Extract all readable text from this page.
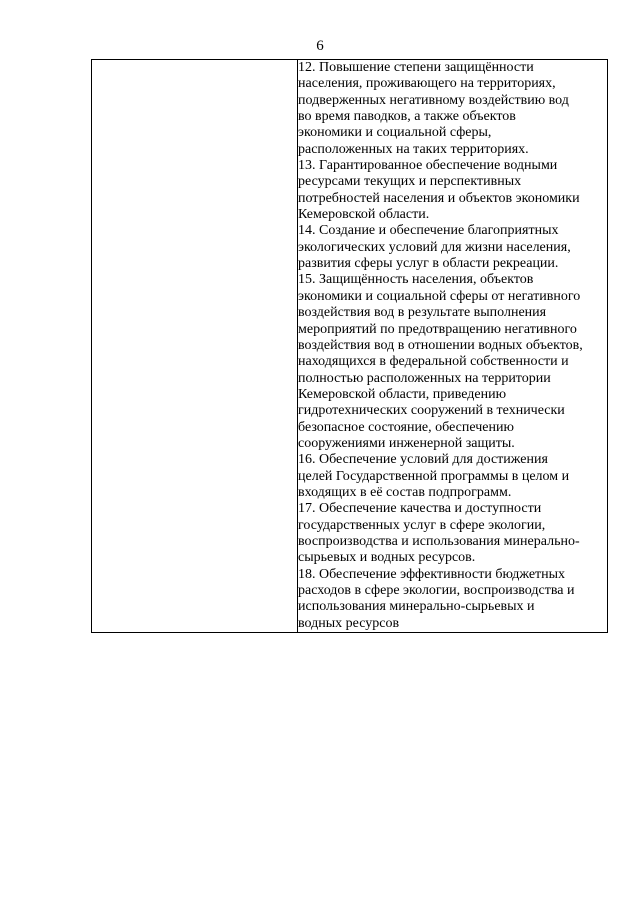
6

12. Повышение степени защищённости
населения, проживающего на территориях,
подверженных негативному воздействию вод
во время паводков, а также объектов
экономики и социальной сферы,
расположенных на таких территориях.
13. Гарантированное обеспечение водными
ресурсами текущих и перспективных
потребностей населения и объектов экономики
Кемеровской области.
14. Создание и обеспечение благоприятных
экологических условий для жизни населения,
развития сферы услуг в области рекреации.
15. Защищённость населения, объектов
экономики и социальной сферы от негативного
воздействия вод в результате выполнения
мероприятий по предотвращению негативного
воздействия вод в отношении водных объектов,
находящихся в федеральной собственности и
полностью расположенных на территории
Кемеровской области, приведению
гидротехнических сооружений в технически
безопасное состояние, обеспечению
сооружениями инженерной защиты.
16. Обеспечение условий для достижения
целей Государственной программы в целом и
входящих в её состав подпрограмм.
17. Обеспечение качества и доступности
государственных услуг в сфере экологии,
воспроизводства и использования минерально-
сырьевых и водных ресурсов.
18. Обеспечение эффективности бюджетных
расходов в сфере экологии, воспроизводства и
использования минерально-сырьевых и
водных ресурсов
